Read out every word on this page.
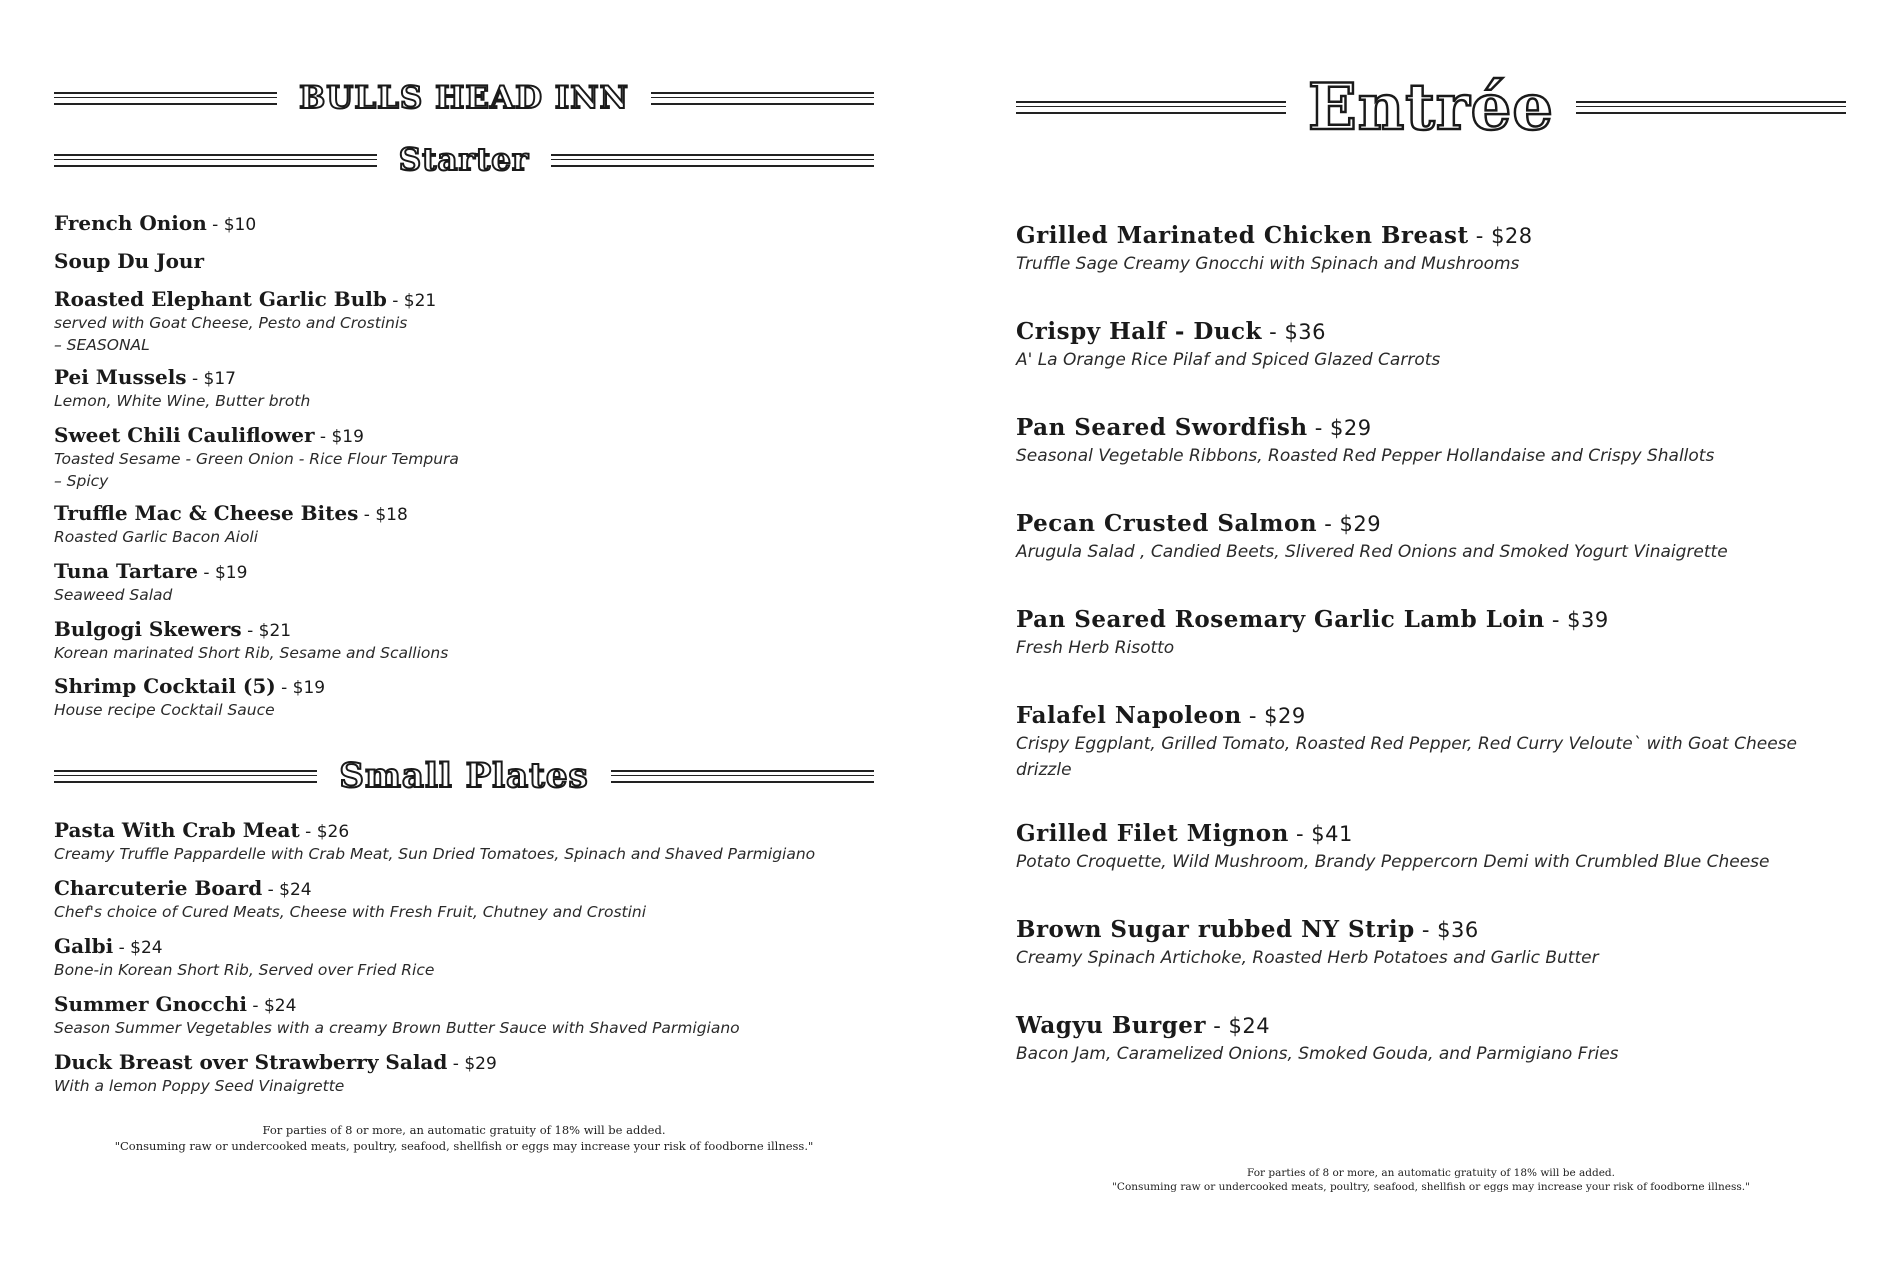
BULLS HEAD INN
Starter
French Onion - $10
Soup Du Jour
Roasted Elephant Garlic Bulb - $21
served with Goat Cheese, Pesto and Crostinis
– SEASONAL
Pei Mussels - $17
Lemon, White Wine, Butter broth
Sweet Chili Cauliflower - $19
Toasted Sesame - Green Onion - Rice Flour Tempura
– Spicy
Truffle Mac & Cheese Bites - $18
Roasted Garlic Bacon Aioli
Tuna Tartare - $19
Seaweed Salad
Bulgogi Skewers - $21
Korean marinated Short Rib, Sesame and Scallions
Shrimp Cocktail (5) - $19
House recipe Cocktail Sauce
Small Plates
Pasta With Crab Meat - $26
Creamy Truffle Pappardelle with Crab Meat, Sun Dried Tomatoes, Spinach and Shaved Parmigiano
Charcuterie Board - $24
Chef's choice of Cured Meats, Cheese with Fresh Fruit, Chutney and Crostini
Galbi - $24
Bone-in Korean Short Rib, Served over Fried Rice
Summer Gnocchi - $24
Season Summer Vegetables with a creamy Brown Butter Sauce with Shaved Parmigiano
Duck Breast over Strawberry Salad - $29
With a lemon Poppy Seed Vinaigrette
For parties of 8 or more, an automatic gratuity of 18% will be added.
"Consuming raw or undercooked meats, poultry, seafood, shellfish or eggs may increase your risk of foodborne illness."
Entrée
Grilled Marinated Chicken Breast - $28
Truffle Sage Creamy Gnocchi with Spinach and Mushrooms
Crispy Half - Duck - $36
A' La Orange Rice Pilaf and Spiced Glazed Carrots
Pan Seared Swordfish - $29
Seasonal Vegetable Ribbons, Roasted Red Pepper Hollandaise and Crispy Shallots
Pecan Crusted Salmon - $29
Arugula Salad , Candied Beets, Slivered Red Onions and Smoked Yogurt Vinaigrette
Pan Seared Rosemary Garlic Lamb Loin - $39
Fresh Herb Risotto
Falafel Napoleon - $29
Crispy Eggplant, Grilled Tomato, Roasted Red Pepper, Red Curry Veloute` with Goat Cheese
drizzle
Grilled Filet Mignon - $41
Potato Croquette, Wild Mushroom, Brandy Peppercorn Demi with Crumbled Blue Cheese
Brown Sugar rubbed NY Strip - $36
Creamy Spinach Artichoke, Roasted Herb Potatoes and Garlic Butter
Wagyu Burger - $24
Bacon Jam, Caramelized Onions, Smoked Gouda, and Parmigiano Fries
For parties of 8 or more, an automatic gratuity of 18% will be added.
"Consuming raw or undercooked meats, poultry, seafood, shellfish or eggs may increase your risk of foodborne illness."
